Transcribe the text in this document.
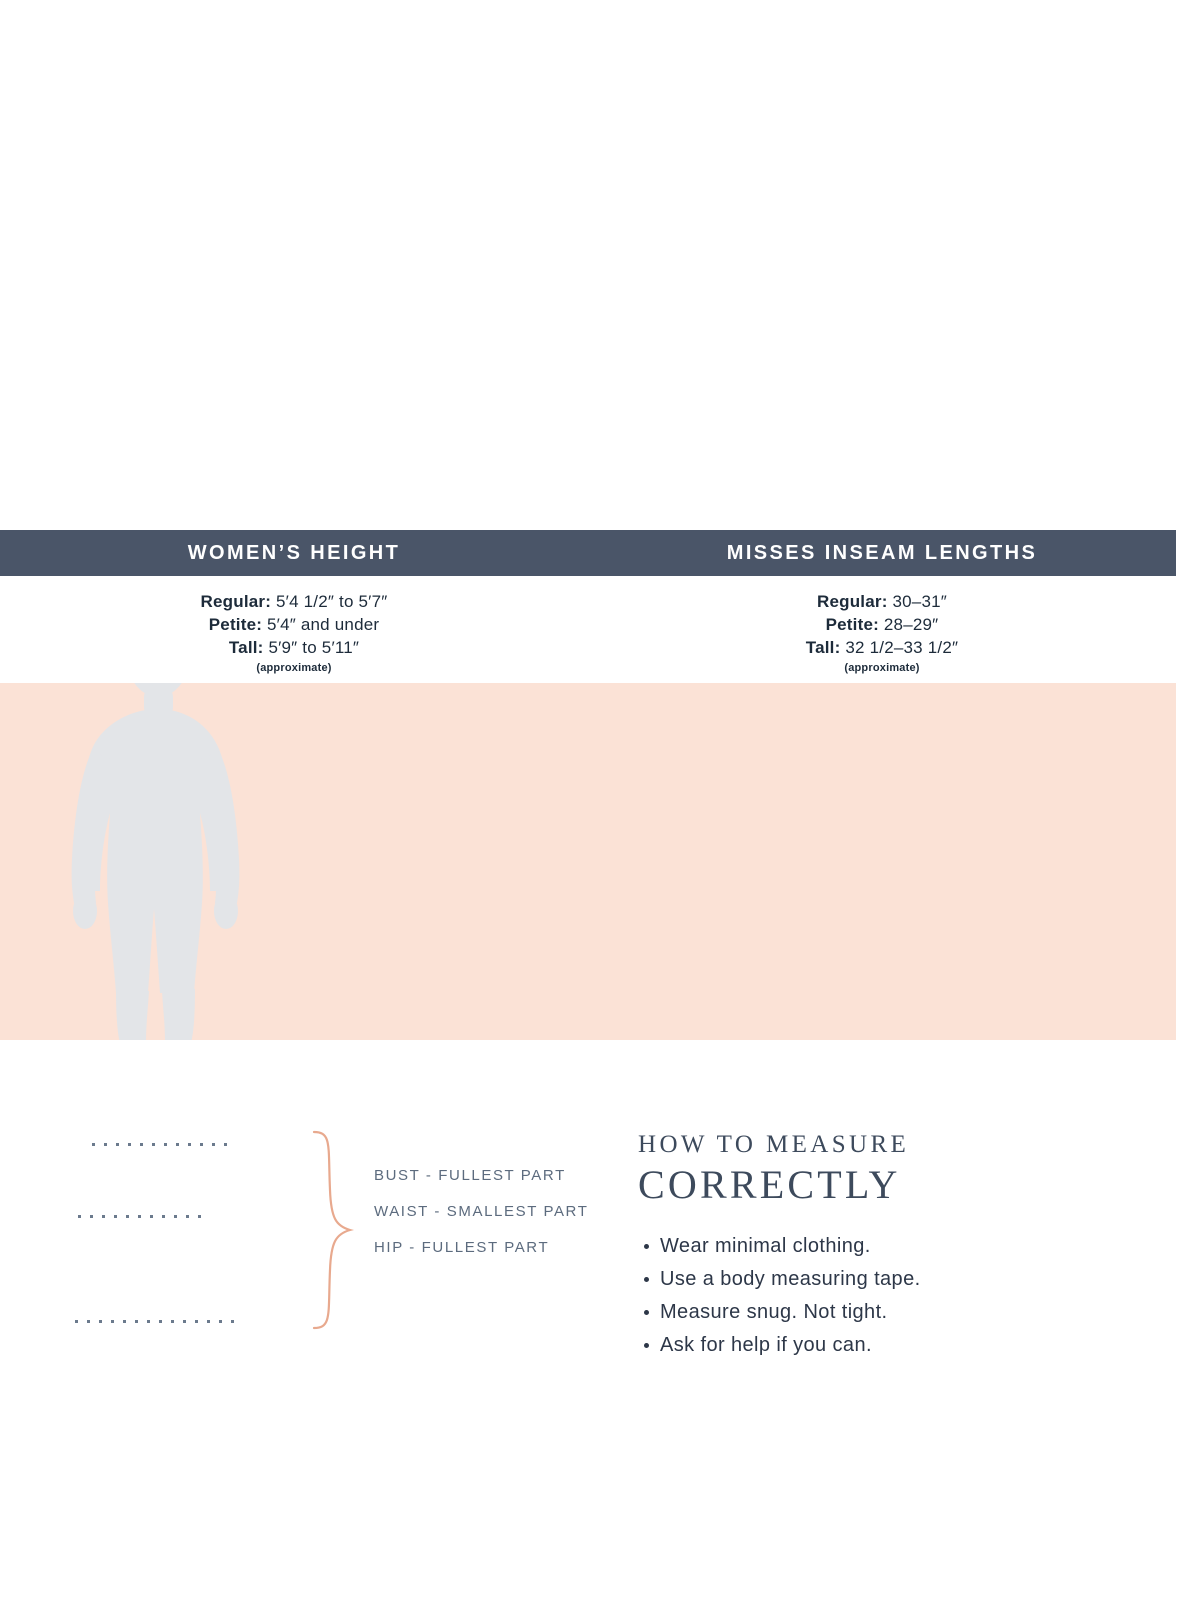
WOMEN’S HEIGHT	MISSES INSEAM LENGTHS
Regular: 5′4 1/2″ to 5′7″
Petite: 5′4″ and under
Tall: 5′9″ to 5′11″
(approximate)
Regular: 30–31″
Petite: 28–29″
Tall: 32 1/2–33 1/2″
(approximate)
BUST - FULLEST PART
WAIST - SMALLEST PART
HIP - FULLEST PART
HOW TO MEASURE
CORRECTLY
Wear minimal clothing.
Use a body measuring tape.
Measure snug. Not tight.
Ask for help if you can.
